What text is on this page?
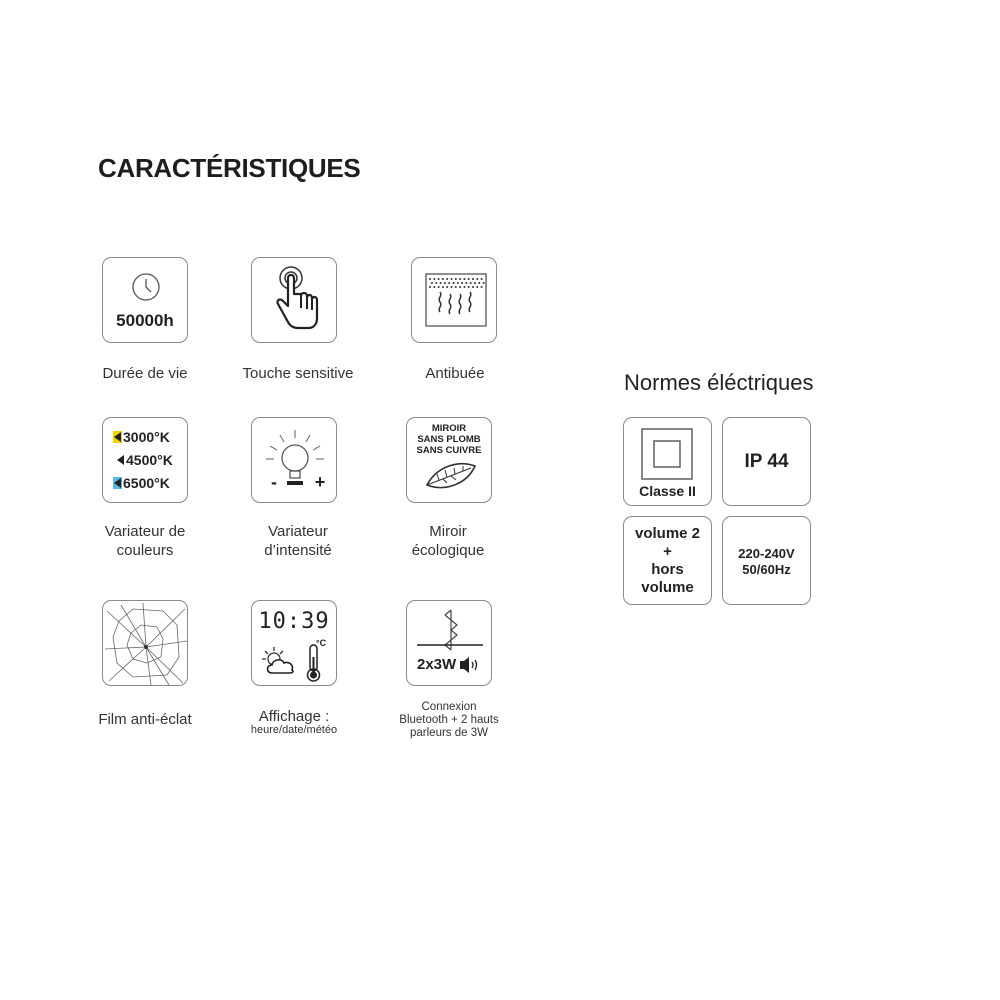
CARACTÉRISTIQUES
50000h
Durée de vie	Touche sensitive	Antibuée
3000°K
4500°K
6500°K
Variateur de
couleurs
-	+
Variateur
d’intensité
MIROIR
SANS PLOMB
SANS CUIVRE
Miroir
écologique
Film anti-éclat
10:39
°C
Affichage :
heure/date/météo
2x3W
Connexion
Bluetooth + 2 hauts
parleurs de 3W
Normes éléctriques
Classe II
IP 44
volume 2
+
hors
volume
220-240V
50/60Hz
